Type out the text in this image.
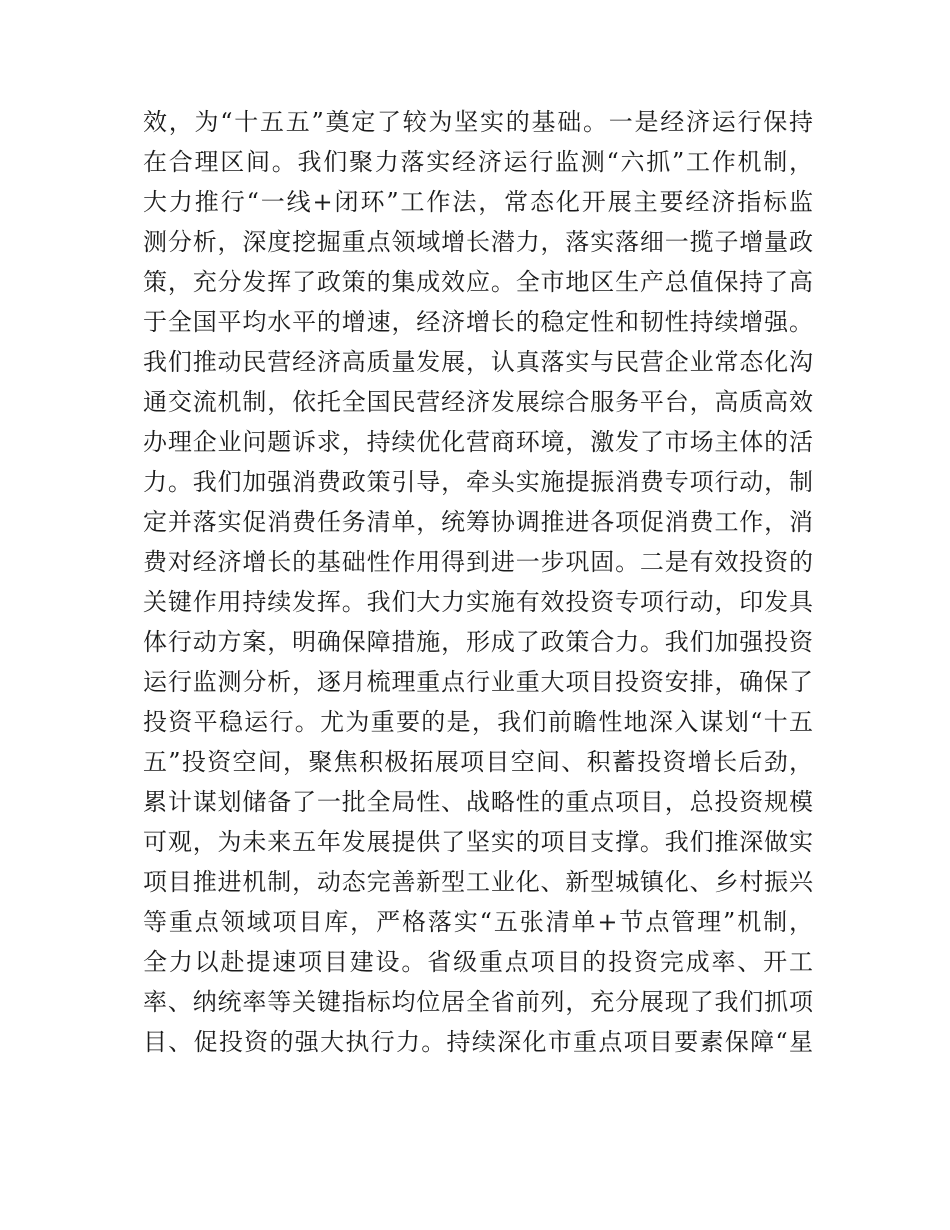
效，为“十五五”奠定了较为坚实的基础。一是经济运行保持
在合理区间。我们聚力落实经济运行监测“六抓”工作机制，
大力推行“一线+闭环”工作法，常态化开展主要经济指标监
测分析，深度挖掘重点领域增长潜力，落实落细一揽子增量政
策，充分发挥了政策的集成效应。全市地区生产总值保持了高
于全国平均水平的增速，经济增长的稳定性和韧性持续增强。
我们推动民营经济高质量发展，认真落实与民营企业常态化沟
通交流机制，依托全国民营经济发展综合服务平台，高质高效
办理企业问题诉求，持续优化营商环境，激发了市场主体的活
力。我们加强消费政策引导，牵头实施提振消费专项行动，制
定并落实促消费任务清单，统筹协调推进各项促消费工作，消
费对经济增长的基础性作用得到进一步巩固。二是有效投资的
关键作用持续发挥。我们大力实施有效投资专项行动，印发具
体行动方案，明确保障措施，形成了政策合力。我们加强投资
运行监测分析，逐月梳理重点行业重大项目投资安排，确保了
投资平稳运行。尤为重要的是，我们前瞻性地深入谋划“十五
五”投资空间，聚焦积极拓展项目空间、积蓄投资增长后劲，
累计谋划储备了一批全局性、战略性的重点项目，总投资规模
可观，为未来五年发展提供了坚实的项目支撑。我们推深做实
项目推进机制，动态完善新型工业化、新型城镇化、乡村振兴
等重点领域项目库，严格落实“五张清单+节点管理”机制，
全力以赴提速项目建设。省级重点项目的投资完成率、开工
率、纳统率等关键指标均位居全省前列，充分展现了我们抓项
目、促投资的强大执行力。持续深化市重点项目要素保障“星
